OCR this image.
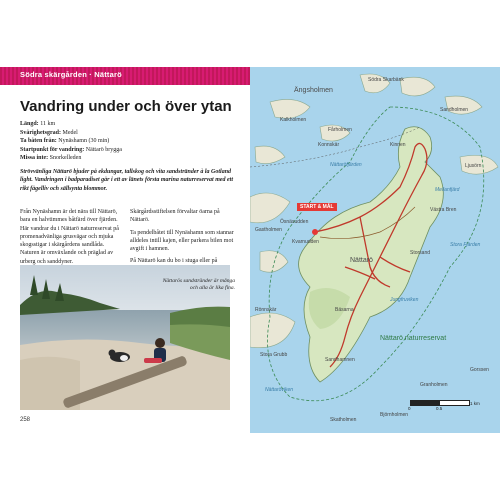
Södra skärgården · Nättarö
Vandring under och över ytan
Längd: 11 km
Svårighetsgrad: Medel
Ta båten från: Nynäshamn (30 min)
Startpunkt för vandring: Nättarö brygga
Missa inte: Snorkelleden
Strövvänliga Nättarö bjuder på ekdungar, tallskog och vita sandstränder à la Gotland light. Vandringen i badparadiset går i ett av länets första marina naturreservat med ett rikt fågelliv och sällsynta blommor.

Från Nynäshamn är det nära till Nättarö, bara en halvtimmes båtfärd över fjärden. Här vandrar du i Nättarö naturreservat på promenadvänliga grusvägar och mjuka skogsstigar i skärgårdens sandlåda. Naturen är omväxlande och präglad av urberg och sanddyner.

Skärgårdsstiftelsen förvaltar öarna på Nättarö.

Ta pendelbåtet till Nynäshamn som stannar alldeles intill kajen, eller parkera bilen mot avgift i hamnen.

På Nättarö kan du bo i stuga eller på

Nättarös sandstränder är många och alla är lika fina.
258
Ängsholmen
Södra Skarbänk
Kalkholmen
Fårholmen
Konnskär	Kinnen
Sandholmen
Ljusörn
Nättaröfjärden
Mellanfjärd
Västra Bren
Gastholmen
Ösnäsudden
Kvarnudden
Nättarö
Stora Fjärden
Storsand
Nättarö naturreservat
Bäsarna
Jungfruviken
Rönnskär
Sandhamnen
Stora Grubb
Nättaröviken
Skatholmen
Björnholmen
Granholmen
Gorssen
START & MÅL
0	0.5
1 km
